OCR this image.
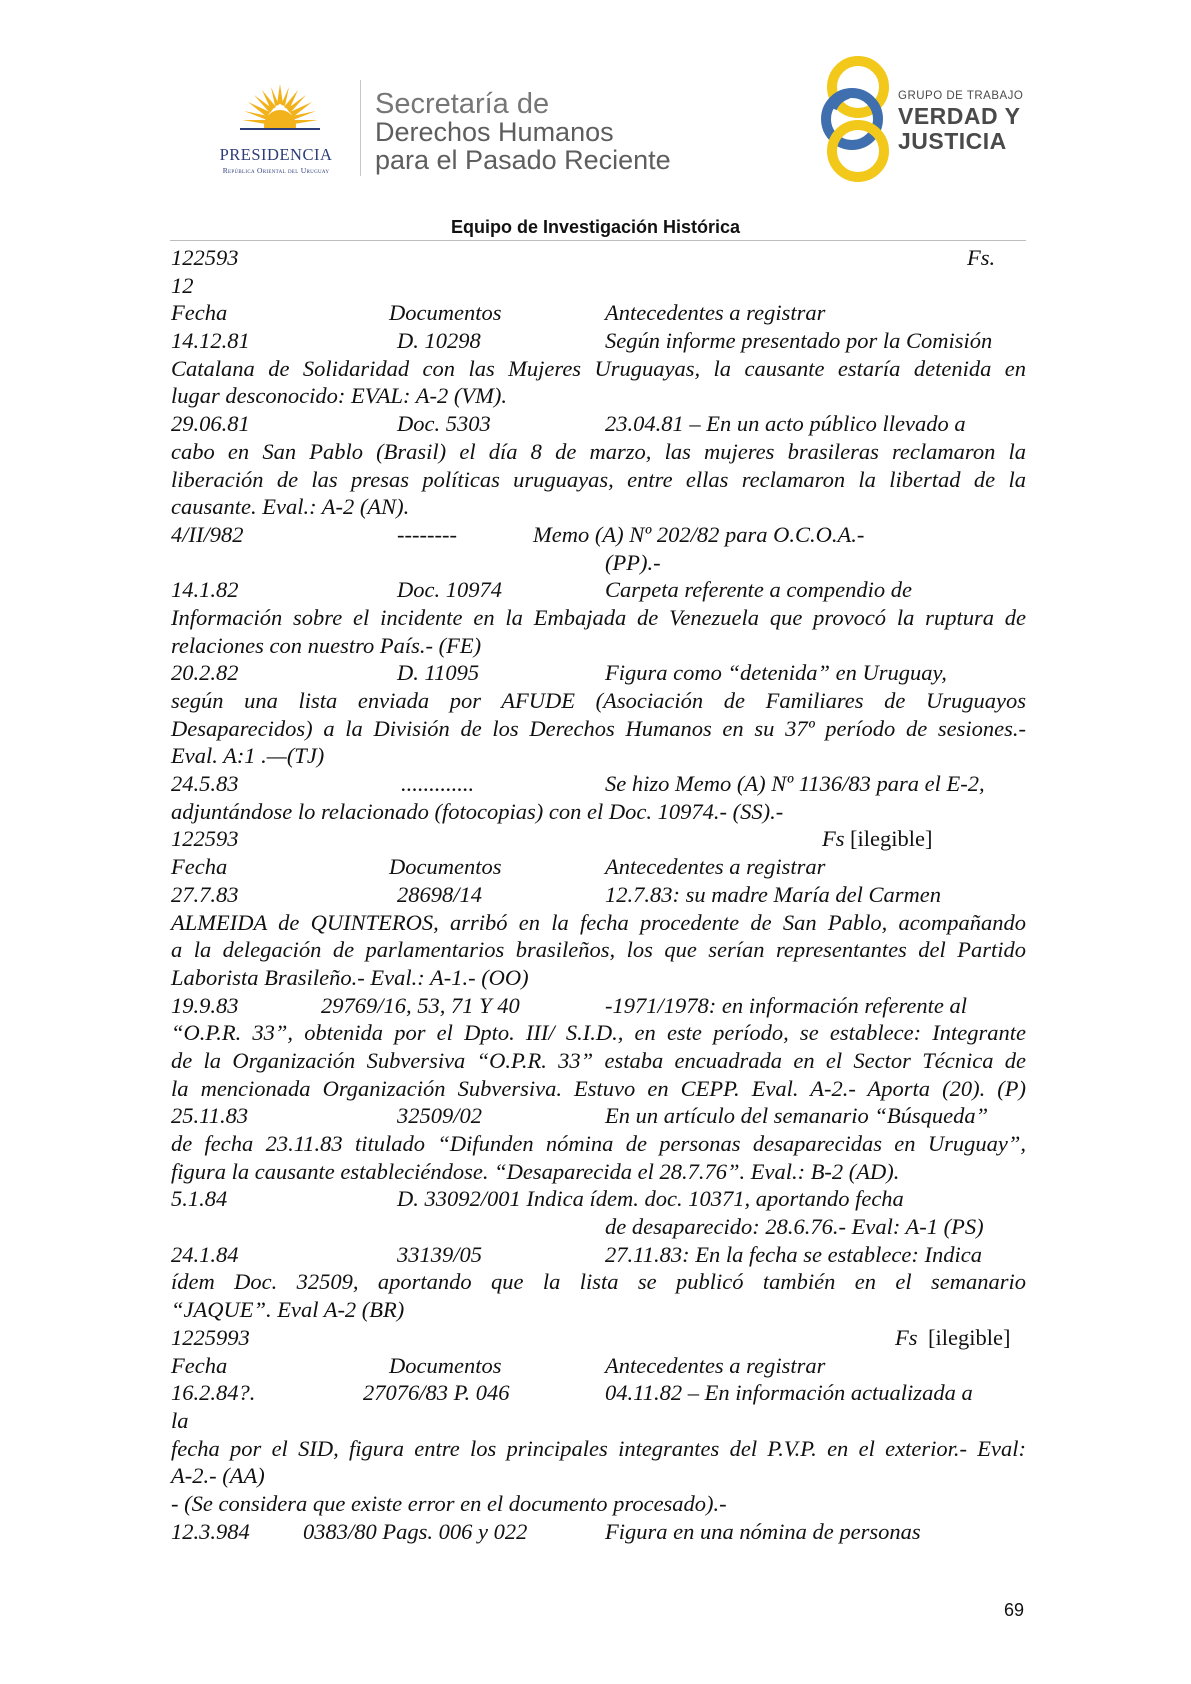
PRESIDENCIA
República Oriental del Uruguay
Secretaría de
Derechos Humanos
para el Pasado Reciente
GRUPO DE TRABAJO
VERDAD Y
JUSTICIA
Equipo de Investigación Histórica
122593	Fs.
12
Fecha	Documentos	Antecedentes a registrar
14.12.81	D. 10298	Según informe presentado por la Comisión
Catalana de Solidaridad con las Mujeres Uruguayas, la causante estaría detenida en
lugar desconocido: EVAL: A-2 (VM).
29.06.81	Doc. 5303	23.04.81 – En un acto público llevado a
cabo en San Pablo (Brasil) el día 8 de marzo, las mujeres brasileras reclamaron la
liberación de las presas políticas uruguayas, entre ellas reclamaron la libertad de la
causante. Eval.: A-2 (AN).
4/II/982	--------	Memo (A) Nº 202/82 para O.C.O.A.-
(PP).-
14.1.82	Doc. 10974	Carpeta referente a compendio de
Información sobre el incidente en la Embajada de Venezuela que provocó la ruptura de
relaciones con nuestro País.- (FE)
20.2.82	D. 11095	Figura como “detenida” en Uruguay,
según una lista enviada por AFUDE (Asociación de Familiares de Uruguayos
Desaparecidos) a la División de los Derechos Humanos en su 37º período de sesiones.-
Eval. A:1 .—(TJ)
24.5.83	.............	Se hizo Memo (A) Nº 1136/83 para el E-2,
adjuntándose lo relacionado (fotocopias) con el Doc. 10974.- (SS).-
122593	Fs [ilegible]
Fecha	Documentos	Antecedentes a registrar
27.7.83	28698/14	12.7.83: su madre María del Carmen
ALMEIDA de QUINTEROS, arribó en la fecha procedente de San Pablo, acompañando
a la delegación de parlamentarios brasileños, los que serían representantes del Partido
Laborista Brasileño.- Eval.: A-1.- (OO)
19.9.83	29769/16, 53, 71 Y 40	-1971/1978: en información referente al
“O.P.R. 33”, obtenida por el Dpto. III/ S.I.D., en este período, se establece: Integrante
de la Organización Subversiva “O.P.R. 33” estaba encuadrada en el Sector Técnica de
la mencionada Organización Subversiva. Estuvo en CEPP. Eval. A-2.- Aporta (20). (P)
25.11.83	32509/02	En un artículo del semanario “Búsqueda”
de fecha 23.11.83 titulado “Difunden nómina de personas desaparecidas en Uruguay”,
figura la causante estableciéndose. “Desaparecida el 28.7.76”. Eval.: B-2 (AD).
5.1.84	D. 33092/001 Indica ídem. doc. 10371, aportando fecha
de desaparecido: 28.6.76.- Eval: A-1 (PS)
24.1.84	33139/05	27.11.83: En la fecha se establece: Indica
ídem Doc. 32509, aportando que la lista se publicó también en el semanario
“JAQUE”. Eval A-2 (BR)
1225993	Fs [ilegible]
Fecha	Documentos	Antecedentes a registrar
16.2.84?.	27076/83 P. 046	04.11.82 – En información actualizada a
la
fecha por el SID, figura entre los principales integrantes del P.V.P. en el exterior.- Eval:
A-2.- (AA)
- (Se considera que existe error en el documento procesado).-
12.3.984 0383/80 Pags. 006 y 022	Figura en una nómina de personas
69
